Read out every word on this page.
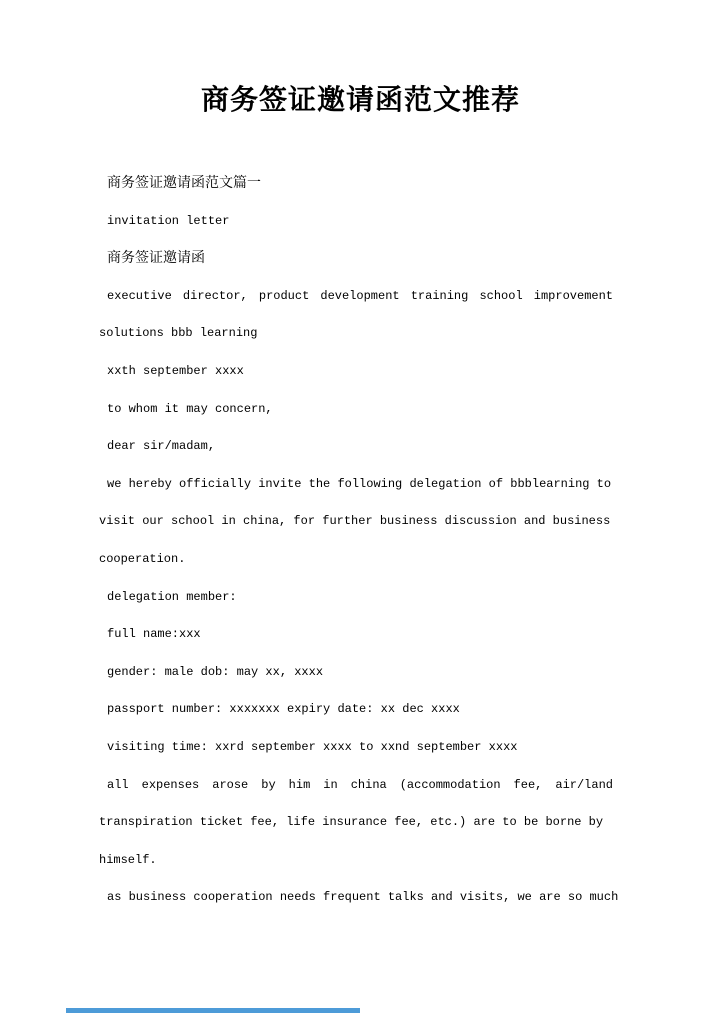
商务签证邀请函范文推荐
商务签证邀请函范文篇一
invitation letter
商务签证邀请函
executive director, product development training school improvement
solutions bbb learning
xxth september xxxx
to whom it may concern,
dear sir/madam,
we hereby officially invite the following delegation of bbblearning to
visit our school in china, for further business discussion and business
cooperation.
delegation member:
full name:xxx
gender: male dob: may xx, xxxx
passport number: xxxxxxx expiry date: xx dec xxxx
visiting time: xxrd september xxxx to xxnd september xxxx
all expenses arose by him in china (accommodation fee, air/land
transpiration ticket fee, life insurance fee, etc.) are to be borne by
himself.
as business cooperation needs frequent talks and visits, we are so much
